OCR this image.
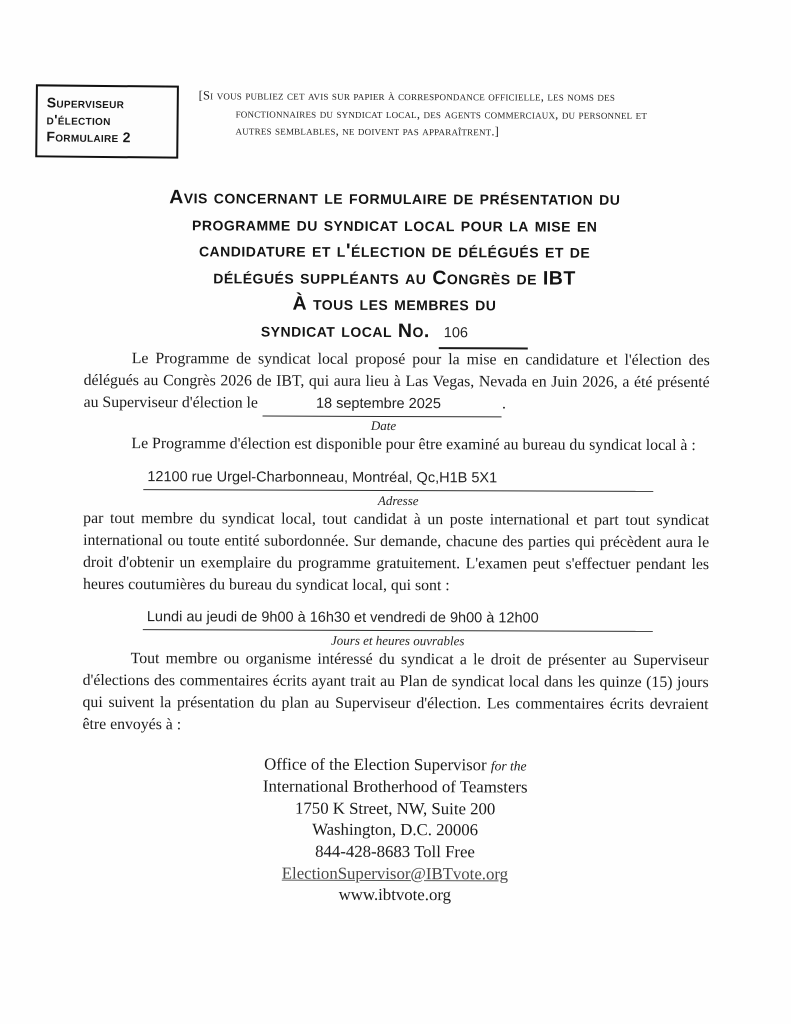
Superviseur
d'élection
Formulaire 2
[Si vous publiez cet avis sur papier à correspondance officielle, les noms des
fonctionnaires du syndicat local, des agents commerciaux, du personnel et
autres semblables, ne doivent pas apparaîtrent.]
Avis concernant le formulaire de présentation du
programme du syndicat local pour la mise en
candidature et l'élection de délégués et de
délégués suppléants au Congrès de IBT
À tous les membres du
syndicat local No. 106

Le Programme de syndicat local proposé pour la mise en candidature et l'élection des délégués au Congrès 2026 de IBT, qui aura lieu à Las Vegas, Nevada en Juin 2026, a été présenté au Superviseur d'élection le	18 septembre 2025	.

Date

Le Programme d'élection est disponible pour être examiné au bureau du syndicat local à :

12100 rue Urgel-Charbonneau, Montréal, Qc,H1B 5X1
Adresse

par tout membre du syndicat local, tout candidat à un poste international et part tout syndicat international ou toute entité subordonnée. Sur demande, chacune des parties qui précèdent aura le droit d'obtenir un exemplaire du programme gratuitement. L'examen peut s'effectuer pendant les heures coutumières du bureau du syndicat local, qui sont :

Lundi au jeudi de 9h00 à 16h30 et vendredi de 9h00 à 12h00
Jours et heures ouvrables

Tout membre ou organisme intéressé du syndicat a le droit de présenter au Superviseur d'élections des commentaires écrits ayant trait au Plan de syndicat local dans les quinze (15) jours qui suivent la présentation du plan au Superviseur d'élection. Les commentaires écrits devraient être envoyés à :

Office of the Election Supervisor for the
International Brotherhood of Teamsters
1750 K Street, NW, Suite 200
Washington, D.C. 20006
844-428-8683 Toll Free
ElectionSupervisor@IBTvote.org
www.ibtvote.org
